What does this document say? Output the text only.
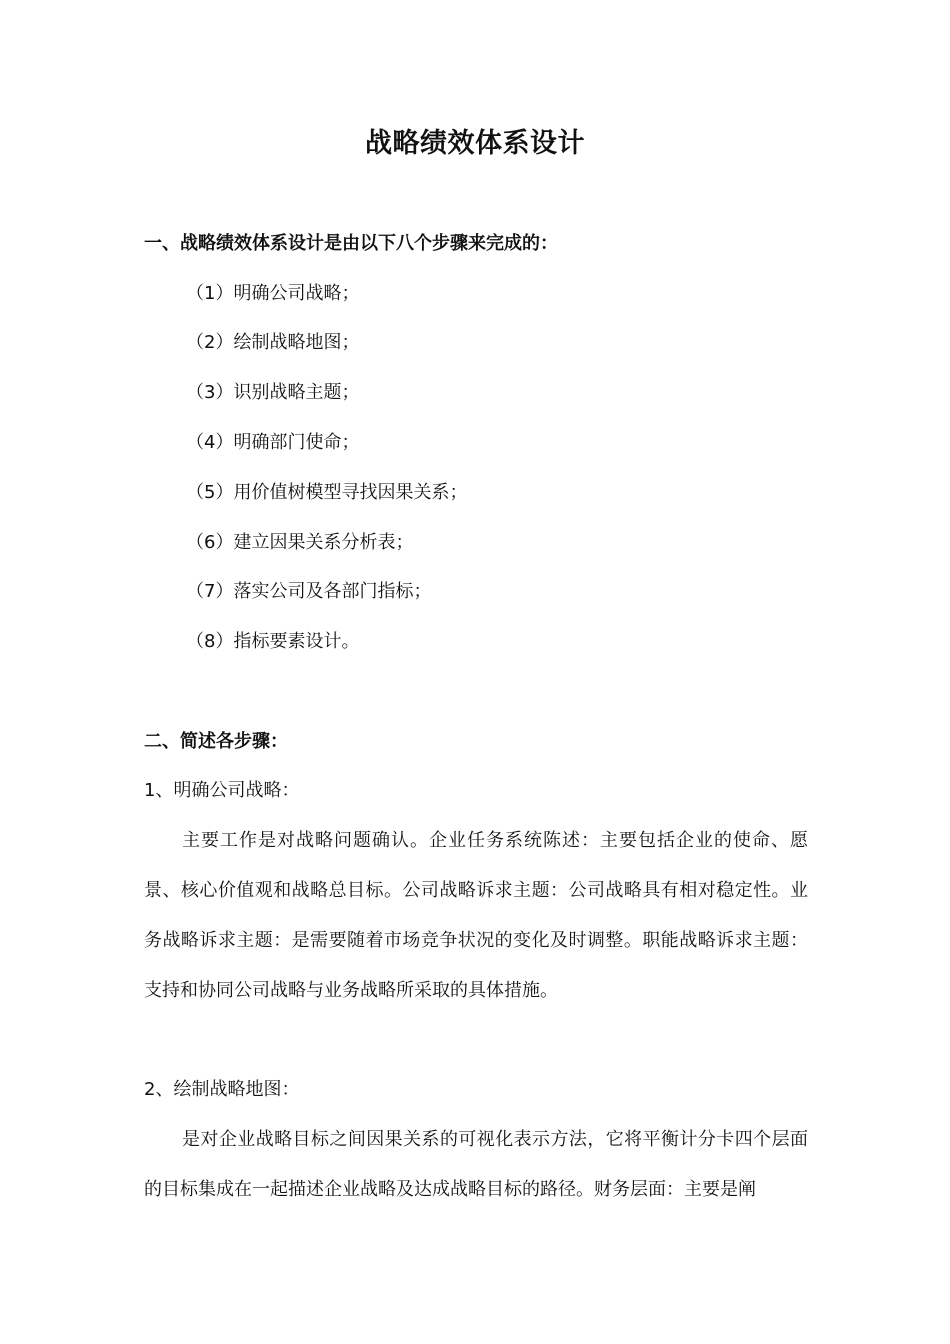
战略绩效体系设计
一、战略绩效体系设计是由以下八个步骤来完成的：
（1）明确公司战略；
（2）绘制战略地图；
（3）识别战略主题；
（4）明确部门使命；
（5）用价值树模型寻找因果关系；
（6）建立因果关系分析表；
（7）落实公司及各部门指标；
（8）指标要素设计。
二、简述各步骤：
1、明确公司战略：
主要工作是对战略问题确认。企业任务系统陈述：主要包括企业的使命、愿景、核心价值观和战略总目标。公司战略诉求主题：公司战略具有相对稳定性。业务战略诉求主题：是需要随着市场竞争状况的变化及时调整。职能战略诉求主题：支持和协同公司战略与业务战略所采取的具体措施。
2、绘制战略地图：
是对企业战略目标之间因果关系的可视化表示方法，它将平衡计分卡四个层面的目标集成在一起描述企业战略及达成战略目标的路径。财务层面：主要是阐
